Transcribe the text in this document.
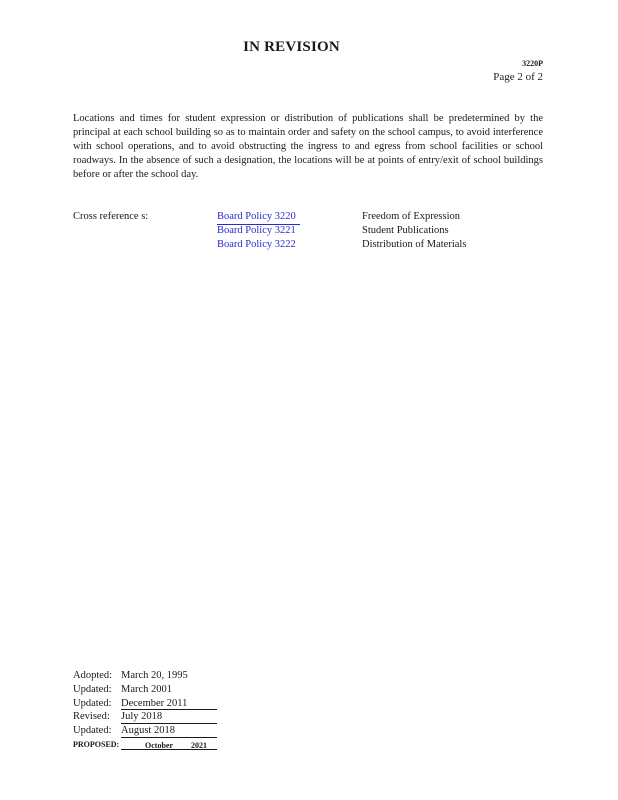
IN REVISION
3220P
Page 2 of 2
Locations and times for student expression or distribution of publications shall be predetermined by the principal at each school building so as to maintain order and safety on the school campus, to avoid interference with school operations, and to avoid obstructing the ingress to and egress from school facilities or school roadways. In the absence of such a designation, the locations will be at points of entry/exit of school buildings before or after the school day.
Cross reference s:	Board Policy 3220	Freedom of Expression
Board Policy 3221	Student Publications
Board Policy 3222	Distribution of Materials
Adopted: March 20, 1995
Updated: March 2001
Updated: December 2011
Revised: July 2018
Updated: August 2018
PROPOSED:	October 2021
